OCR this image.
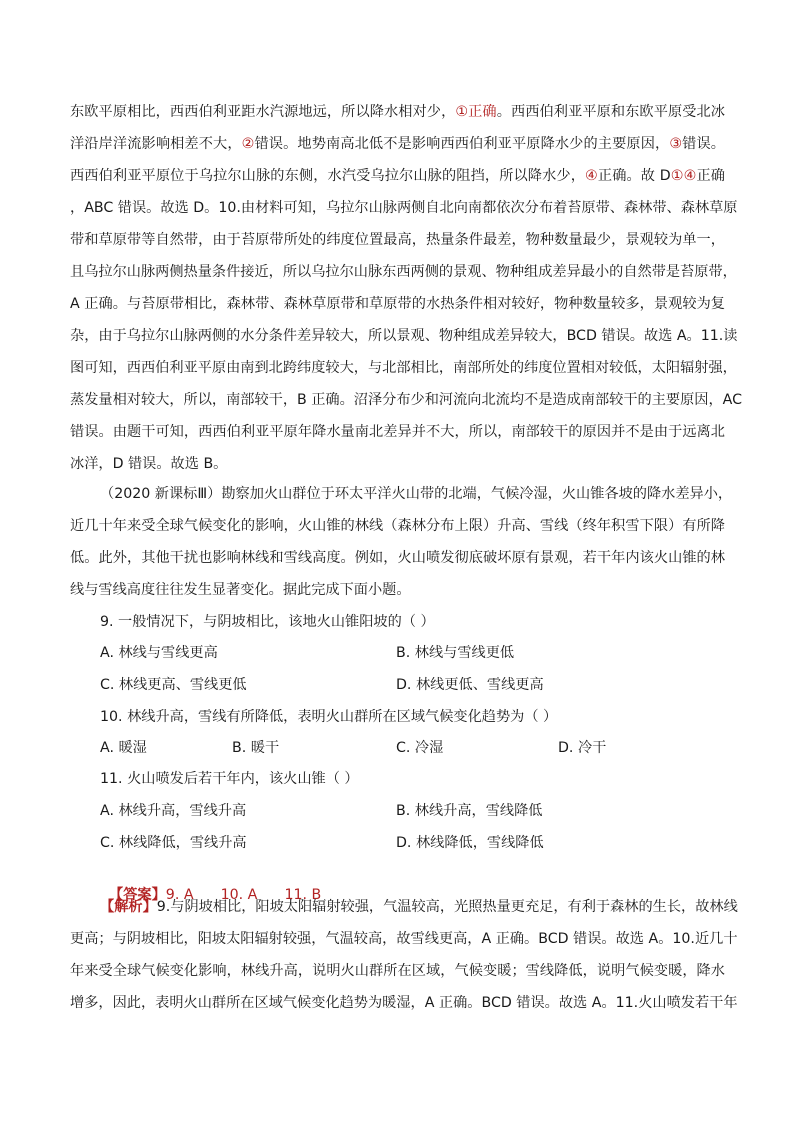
东欧平原相比，西西伯利亚距水汽源地远，所以降水相对少，①正确。西西伯利亚平原和东欧平原受北冰
洋沿岸洋流影响相差不大，②错误。地势南高北低不是影响西西伯利亚平原降水少的主要原因，③错误。
西西伯利亚平原位于乌拉尔山脉的东侧，水汽受乌拉尔山脉的阻挡，所以降水少，④正确。故 D①④正确
，ABC 错误。故选 D。10.由材料可知，乌拉尔山脉两侧自北向南都依次分布着苔原带、森林带、森林草原
带和草原带等自然带，由于苔原带所处的纬度位置最高，热量条件最差，物种数量最少，景观较为单一，
且乌拉尔山脉两侧热量条件接近，所以乌拉尔山脉东西两侧的景观、物种组成差异最小的自然带是苔原带，
A 正确。与苔原带相比，森林带、森林草原带和草原带的水热条件相对较好，物种数量较多，景观较为复
杂，由于乌拉尔山脉两侧的水分条件差异较大，所以景观、物种组成差异较大，BCD 错误。故选 A。11.读
图可知，西西伯利亚平原由南到北跨纬度较大，与北部相比，南部所处的纬度位置相对较低，太阳辐射强，
蒸发量相对较大，所以，南部较干，B 正确。沼泽分布少和河流向北流均不是造成南部较干的主要原因，AC
错误。由题干可知，西西伯利亚平原年降水量南北差异并不大，所以，南部较干的原因并不是由于远离北
冰洋，D 错误。故选 B。
（2020 新课标Ⅲ）勘察加火山群位于环太平洋火山带的北端，气候冷湿，火山锥各坡的降水差异小，
近几十年来受全球气候变化的影响，火山锥的林线（森林分布上限）升高、雪线（终年积雪下限）有所降
低。此外，其他干扰也影响林线和雪线高度。例如，火山喷发彻底破坏原有景观，若干年内该火山锥的林
线与雪线高度往往发生显著变化。据此完成下面小题。
9. 一般情况下，与阴坡相比，该地火山锥阳坡的（ ）
A. 林线与雪线更高	B. 林线与雪线更低
C. 林线更高、雪线更低	D. 林线更低、雪线更高
10. 林线升高，雪线有所降低，表明火山群所在区域气候变化趋势为（ ）
A. 暖湿	B. 暖干	C. 冷湿	D. 冷干
11. 火山喷发后若干年内，该火山锥（ ）
A. 林线升高，雪线升高	B. 林线升高，雪线降低
C. 林线降低，雪线升高	D. 林线降低，雪线降低

【答案】9. A      10. A      11. B

【解析】9.与阴坡相比，阳坡太阳辐射较强，气温较高，光照热量更充足，有利于森林的生长，故林线
更高；与阴坡相比，阳坡太阳辐射较强，气温较高，故雪线更高，A 正确。BCD 错误。故选 A。10.近几十
年来受全球气候变化影响，林线升高，说明火山群所在区域，气候变暖；雪线降低，说明气候变暖，降水
增多，因此，表明火山群所在区域气候变化趋势为暖湿，A 正确。BCD 错误。故选 A。11.火山喷发若干年
